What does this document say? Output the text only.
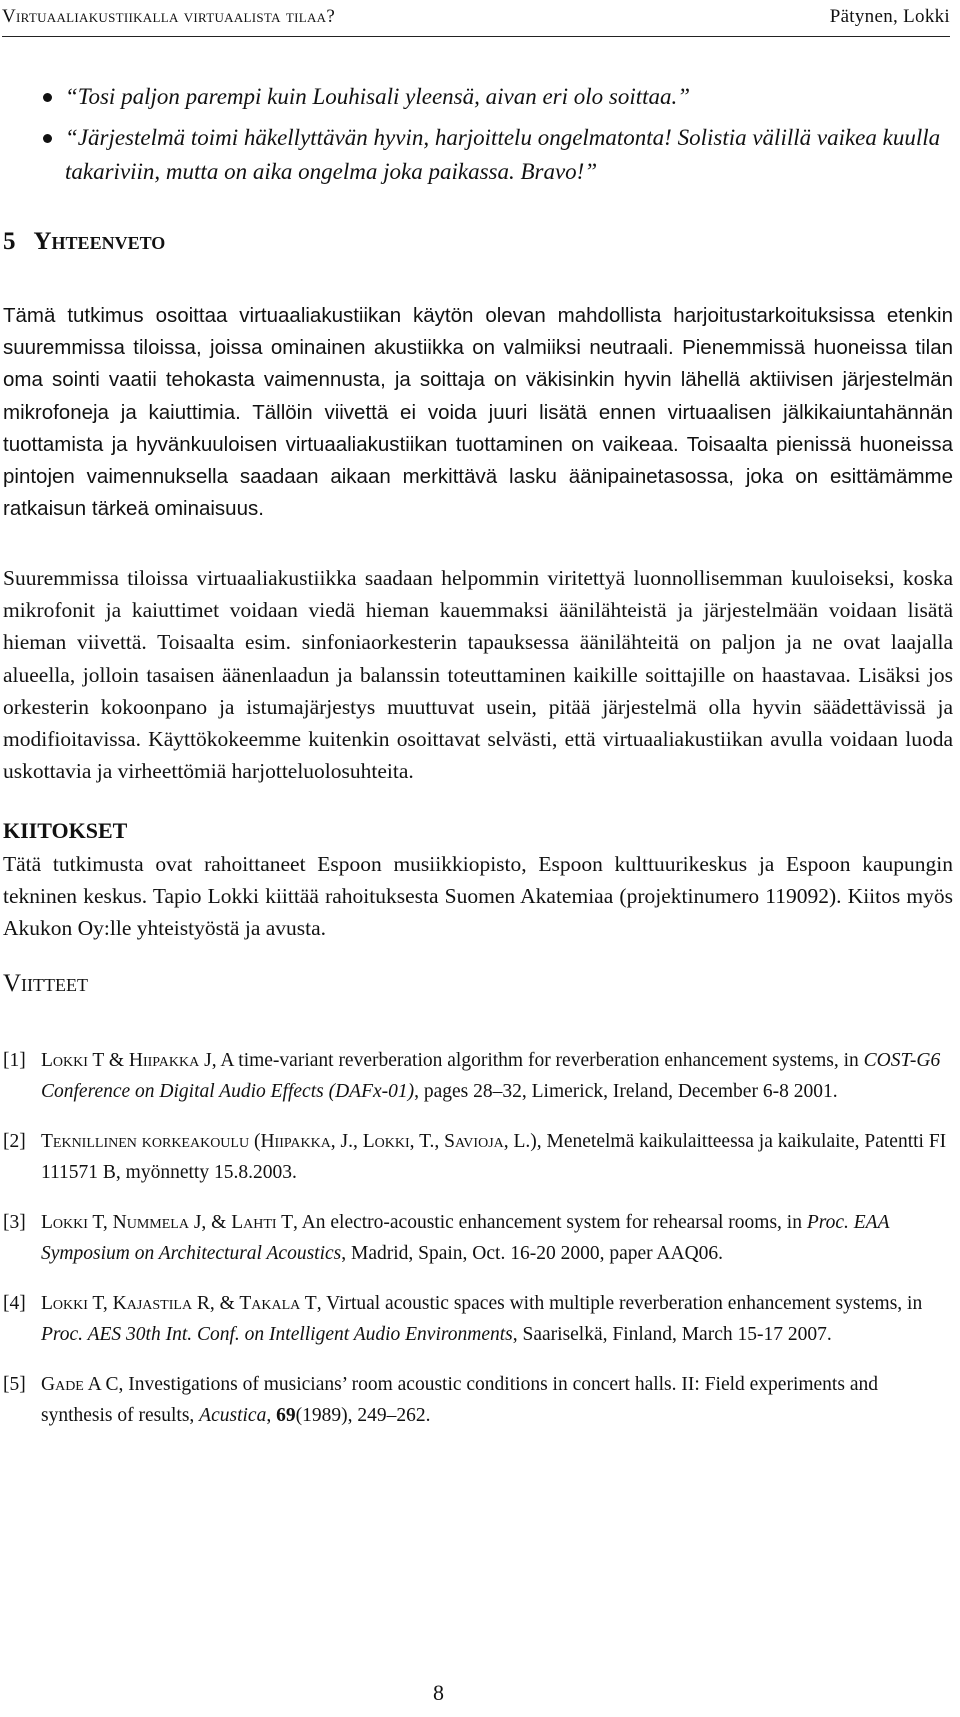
Virtuaaliakustiikalla virtuaalista tilaa?	Pätynen, Lokki
“Tosi paljon parempi kuin Louhisali yleensä, aivan eri olo soittaa.”
“Järjestelmä toimi häkellyttävän hyvin, harjoittelu ongelmatonta! Solistia välillä vaikea kuulla takariviin, mutta on aika ongelma joka paikassa. Bravo!”
5 Yhteenveto

Tämä tutkimus osoittaa virtuaaliakustiikan käytön olevan mahdollista harjoitustarkoituksissa etenkin suuremmissa tiloissa, joissa ominainen akustiikka on valmiiksi neutraali. Pienemmissä huoneissa tilan oma sointi vaatii tehokasta vaimennusta, ja soittaja on väkisinkin hyvin lähellä aktiivisen järjestelmän mikrofoneja ja kaiuttimia. Tällöin viivettä ei voida juuri lisätä ennen virtuaalisen jälkikaiuntahännän tuottamista ja hyvänkuuloisen virtuaaliakustiikan tuottaminen on vaikeaa. Toisaalta pienissä huoneissa pintojen vaimennuksella saadaan aikaan merkittävä lasku äänipainetasossa, joka on esittämämme ratkaisun tärkeä ominaisuus.

Suuremmissa tiloissa virtuaaliakustiikka saadaan helpommin viritettyä luonnollisemman kuuloiseksi, koska mikrofonit ja kaiuttimet voidaan viedä hieman kauemmaksi äänilähteistä ja järjestelmään voidaan lisätä hieman viivettä. Toisaalta esim. sinfoniaorkesterin tapauksessa äänilähteitä on paljon ja ne ovat laajalla alueella, jolloin tasaisen äänenlaadun ja balanssin toteuttaminen kaikille soittajille on haastavaa. Lisäksi jos orkesterin kokoonpano ja istumajärjestys muuttuvat usein, pitää järjestelmä olla hyvin säädettävissä ja modifioitavissa. Käyttökokeemme kuitenkin osoittavat selvästi, että virtuaaliakustiikan avulla voidaan luoda uskottavia ja virheettömiä harjotteluolosuhteita.

KIITOKSET

Tätä tutkimusta ovat rahoittaneet Espoon musiikkiopisto, Espoon kulttuurikeskus ja Espoon kaupungin tekninen keskus. Tapio Lokki kiittää rahoituksesta Suomen Akatemiaa (projektinumero 119092). Kiitos myös Akukon Oy:lle yhteistyöstä ja avusta.

Viitteet
[1] Lokki T & Hiipakka J, A time-variant reverberation algorithm for reverberation enhancement systems, in COST-G6 Conference on Digital Audio Effects (DAFx-01), pages 28–32, Limerick, Ireland, December 6-8 2001.
[2] Teknillinen korkeakoulu (Hiipakka, J., Lokki, T., Savioja, L.), Menetelmä kaikulaitteessa ja kaikulaite, Patentti FI 111571 B, myönnetty 15.8.2003.
[3] Lokki T, Nummela J, & Lahti T, An electro-acoustic enhancement system for rehearsal rooms, in Proc. EAA Symposium on Architectural Acoustics, Madrid, Spain, Oct. 16-20 2000, paper AAQ06.
[4] Lokki T, Kajastila R, & Takala T, Virtual acoustic spaces with multiple reverberation enhancement systems, in Proc. AES 30th Int. Conf. on Intelligent Audio Environments, Saariselkä, Finland, March 15-17 2007.
[5] Gade A C, Investigations of musicians’ room acoustic conditions in concert halls. II: Field experiments and synthesis of results, Acustica, 69(1989), 249–262.
8
